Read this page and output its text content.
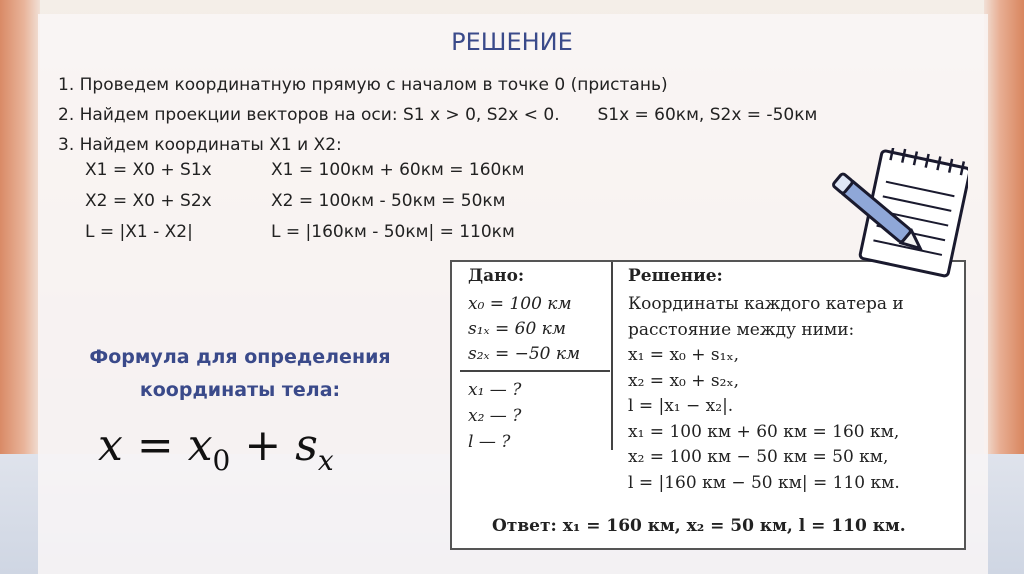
РЕШЕНИЕ
1. Проведем координатную прямую с началом в точке 0 (пристань)
2. Найдем проекции векторов на оси: S1 x > 0, S2x < 0.       S1x = 60км, S2x = -50км
3. Найдем координаты X1 и X2:
X1 = X0 + S1x	X1 = 100км + 60км = 160км
X2 = X0 + S2x	X2 = 100км - 50км = 50км
L = |X1 - X2|	L = |160км - 50км| = 110км
Формула для определения
координаты тела:
$x = x_0 + s_x$
Дано:
x₀ = 100 км
s₁ₓ = 60 км
s₂ₓ = −50 км
x₁ — ?
x₂ — ?
l — ?
Решение:
Координаты каждого катера и
расстояние между ними:
x₁ = x₀ + s₁ₓ,
x₂ = x₀ + s₂ₓ,
l = |x₁ − x₂|.
x₁ = 100 км + 60 км = 160 км,
x₂ = 100 км − 50 км = 50 км,
l = |160 км − 50 км| = 110 км.
Ответ: x₁ = 160 км, x₂ = 50 км, l = 110 км.
